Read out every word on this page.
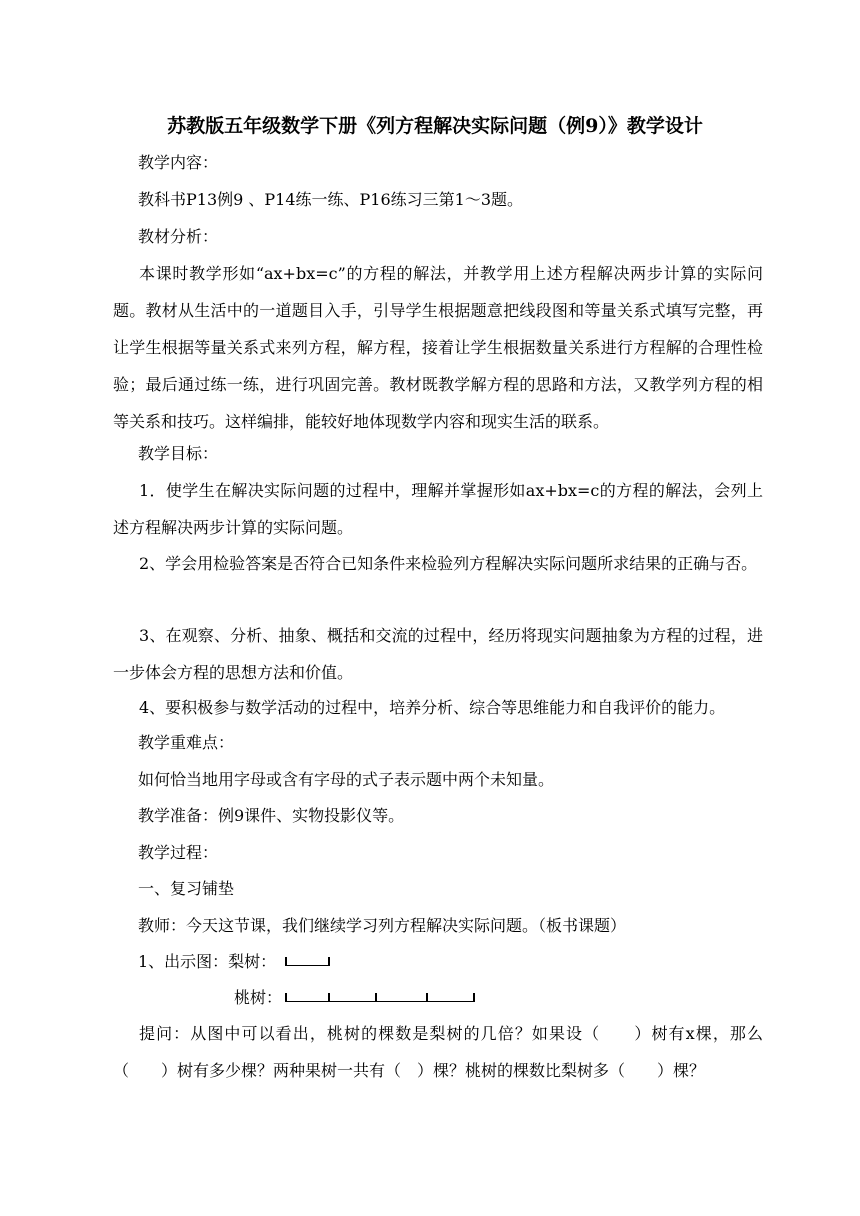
苏教版五年级数学下册《列方程解决实际问题（例9）》教学设计
教学内容：
教科书P13例9 、P14练一练、P16练习三第1～3题。
教材分析：
本课时教学形如“ax+bx=c”的方程的解法，并教学用上述方程解决两步计算的实际问题。教材从生活中的一道题目入手，引导学生根据题意把线段图和等量关系式填写完整，再让学生根据等量关系式来列方程，解方程，接着让学生根据数量关系进行方程解的合理性检验；最后通过练一练，进行巩固完善。教材既教学解方程的思路和方法，又教学列方程的相等关系和技巧。这样编排，能较好地体现数学内容和现实生活的联系。
教学目标：
1．使学生在解决实际问题的过程中，理解并掌握形如ax+bx=c的方程的解法，会列上述方程解决两步计算的实际问题。
2、学会用检验答案是否符合已知条件来检验列方程解决实际问题所求结果的正确与否。
3、在观察、分析、抽象、概括和交流的过程中，经历将现实问题抽象为方程的过程，进一步体会方程的思想方法和价值。
4、要积极参与数学活动的过程中，培养分析、综合等思维能力和自我评价的能力。
教学重难点：
如何恰当地用字母或含有字母的式子表示题中两个未知量。
教学准备：例9课件、实物投影仪等。
教学过程：
一、复习铺垫
教师：今天这节课，我们继续学习列方程解决实际问题。（板书课题）
1、出示图：梨树：
桃树：
提问：从图中可以看出，桃树的棵数是梨树的几倍？如果设（　　）树有x棵，那么（　　）树有多少棵？两种果树一共有（　）棵？桃树的棵数比梨树多（　　）棵？
